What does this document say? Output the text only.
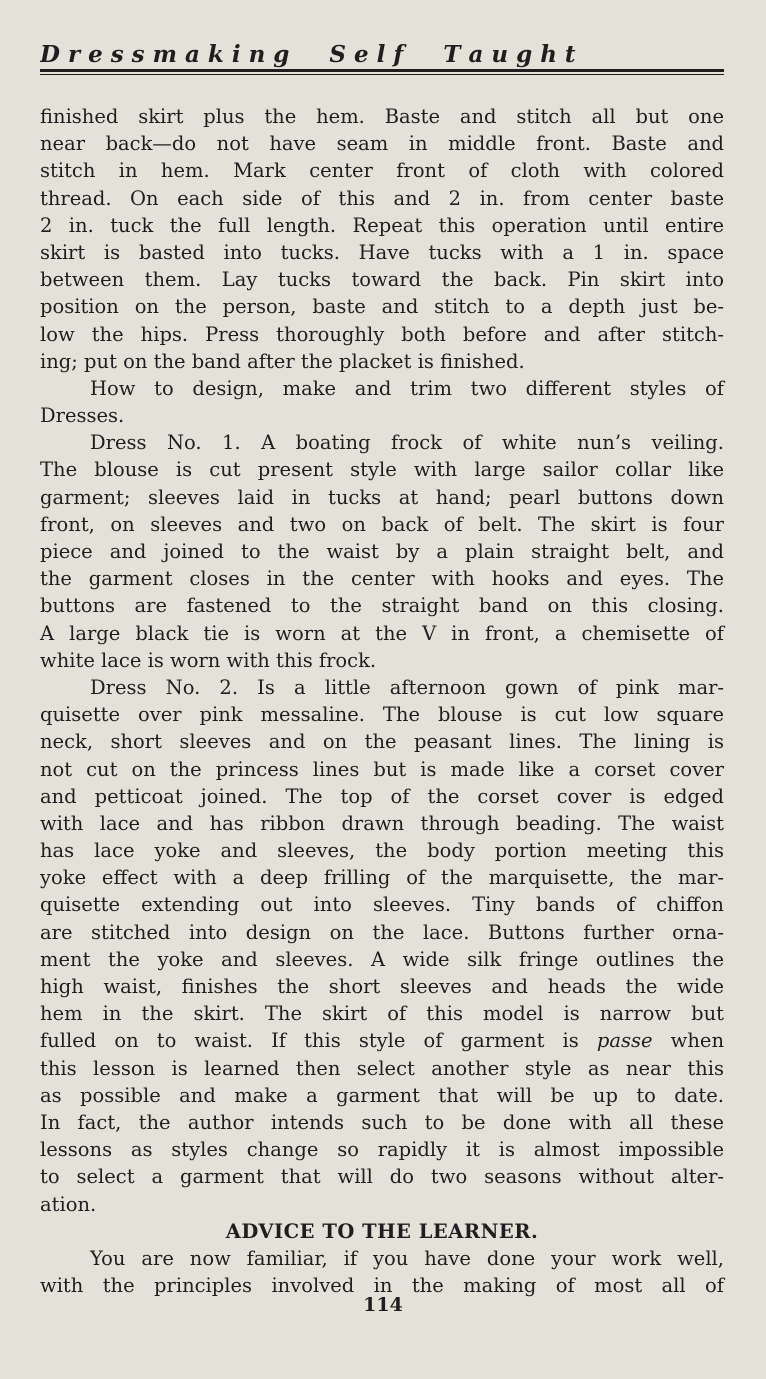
D r e s s m a k i n g     S e l f     T a u g h t
finished skirt plus the hem. Baste and stitch all but one
near back—do not have seam in middle front. Baste and
stitch in hem. Mark center front of cloth with colored
thread. On each side of this and 2 in. from center baste
2 in. tuck the full length. Repeat this operation until entire
skirt is basted into tucks. Have tucks with a 1 in. space
between them. Lay tucks toward the back. Pin skirt into
position on the person, baste and stitch to a depth just be-
low the hips. Press thoroughly both before and after stitch-
ing; put on the band after the placket is finished.
How to design, make and trim two different styles of
Dresses.
Dress No. 1. A boating frock of white nun’s veiling.
The blouse is cut present style with large sailor collar like
garment; sleeves laid in tucks at hand; pearl buttons down
front, on sleeves and two on back of belt. The skirt is four
piece and joined to the waist by a plain straight belt, and
the garment closes in the center with hooks and eyes. The
buttons are fastened to the straight band on this closing.
A large black tie is worn at the V in front, a chemisette of
white lace is worn with this frock.
Dress No. 2. Is a little afternoon gown of pink mar-
quisette over pink messaline. The blouse is cut low square
neck, short sleeves and on the peasant lines. The lining is
not cut on the princess lines but is made like a corset cover
and petticoat joined. The top of the corset cover is edged
with lace and has ribbon drawn through beading. The waist
has lace yoke and sleeves, the body portion meeting this
yoke effect with a deep frilling of the marquisette, the mar-
quisette extending out into sleeves. Tiny bands of chiffon
are stitched into design on the lace. Buttons further orna-
ment the yoke and sleeves. A wide silk fringe outlines the
high waist, finishes the short sleeves and heads the wide
hem in the skirt. The skirt of this model is narrow but
fulled on to waist. If this style of garment is passe when
this lesson is learned then select another style as near this
as possible and make a garment that will be up to date.
In fact, the author intends such to be done with all these
lessons as styles change so rapidly it is almost impossible
to select a garment that will do two seasons without alter-
ation.
ADVICE TO THE LEARNER.
You are now familiar, if you have done your work well,
with the principles involved in the making of most all of
114
